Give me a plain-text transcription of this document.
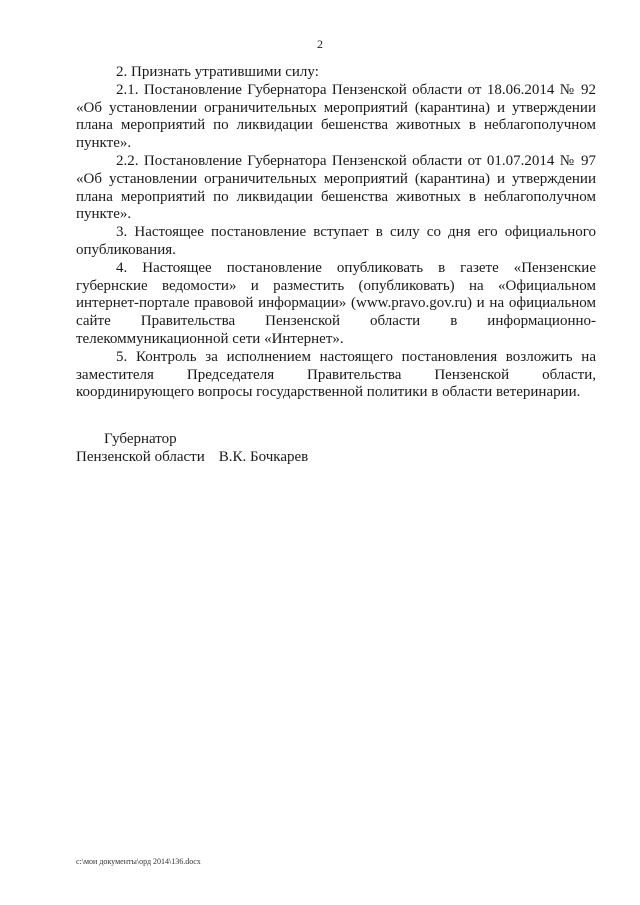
2

2. Признать утратившими силу:

2.1. Постановление Губернатора Пензенской области от 18.06.2014 № 92 «Об установлении ограничительных мероприятий (карантина) и утверждении плана мероприятий по ликвидации бешенства животных в неблагополучном пункте».

2.2. Постановление Губернатора Пензенской области от 01.07.2014 № 97 «Об установлении ограничительных мероприятий (карантина) и утверждении плана мероприятий по ликвидации бешенства животных в неблагополучном пункте».

3. Настоящее постановление вступает в силу со дня его официального опубликования.

4. Настоящее постановление опубликовать в газете «Пензенские губернские ведомости» и разместить (опубликовать) на «Официальном интернет-портале правовой информации» (www.pravo.gov.ru) и на официальном сайте Правительства Пензенской области в информационно-телекоммуникационной сети «Интернет».

5. Контроль за исполнением настоящего постановления возложить на заместителя Председателя Правительства Пензенской области, координирующего вопросы государственной политики в области ветеринарии.

Губернатор
Пензенской области В.К. Бочкарев
c:\мои документы\орд 2014\136.docx
